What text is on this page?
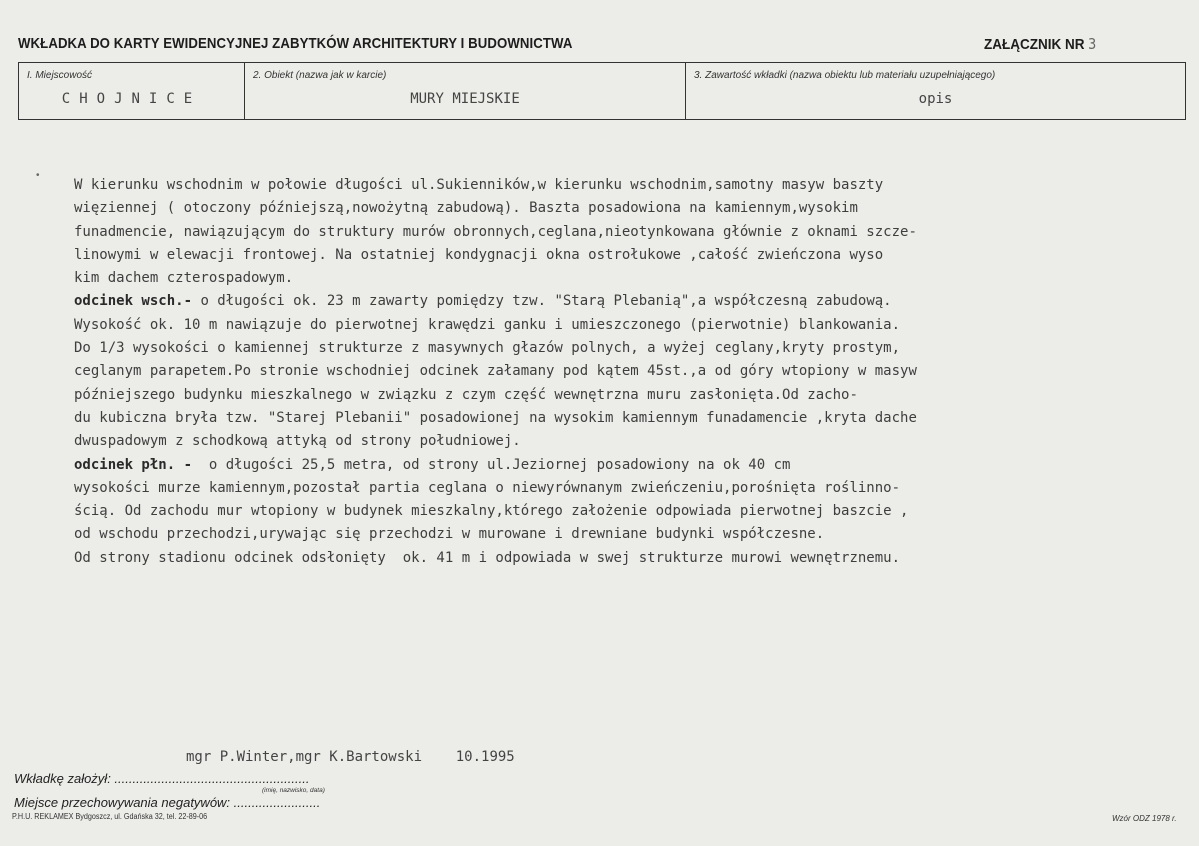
WKŁADKA DO KARTY EWIDENCYJNEJ ZABYTKÓW ARCHITEKTURY I BUDOWNICTWA	ZAŁĄCZNIK NR 3
I. Miejscowość
CHOJNICE
2. Obiekt (nazwa jak w karcie)
MURY MIEJSKIE
3. Zawartość wkładki (nazwa obiektu lub materiału uzupełniającego)
opis
•
W kierunku wschodnim w połowie długości ul.Sukienników,w kierunku wschodnim,samotny masyw baszty
więziennej ( otoczony późniejszą,nowożytną zabudową). Baszta posadowiona na kamiennym,wysokim
funadmencie, nawiązującym do struktury murów obronnych,ceglana,nieotynkowana głównie z oknami szcze-
linowymi w elewacji frontowej. Na ostatniej kondygnacji okna ostrołukowe ,całość zwieńczona wyso
kim dachem czterospadowym.
odcinek wsch.- o długości ok. 23 m zawarty pomiędzy tzw. "Starą Plebanią",a współczesną zabudową.
Wysokość ok. 10 m nawiązuje do pierwotnej krawędzi ganku i umieszczonego (pierwotnie) blankowania.
Do 1/3 wysokości o kamiennej strukturze z masywnych głazów polnych, a wyżej ceglany,kryty prostym,
ceglanym parapetem.Po stronie wschodniej odcinek załamany pod kątem 45st.,a od góry wtopiony w masyw
późniejszego budynku mieszkalnego w związku z czym część wewnętrzna muru zasłonięta.Od zacho-
du kubiczna bryła tzw. "Starej Plebanii" posadowionej na wysokim kamiennym funadamencie ,kryta dache
dwuspadowym z schodkową attyką od strony południowej.
odcinek płn. -  o długości 25,5 metra, od strony ul.Jeziornej posadowiony na ok 40 cm
wysokości murze kamiennym,pozostał partia ceglana o niewyrównanym zwieńczeniu,porośnięta roślinno-
ścią. Od zachodu mur wtopiony w budynek mieszkalny,którego założenie odpowiada pierwotnej baszcie ,
od wschodu przechodzi,urywając się przechodzi w murowane i drewniane budynki współczesne.
Od strony stadionu odcinek odsłonięty  ok. 41 m i odpowiada w swej strukturze murowi wewnętrznemu.
mgr P.Winter,mgr K.Bartowski 10.1995
Wkładkę założył: ......................................................
(imię, nazwisko, data)
Miejsce przechowywania negatywów: ........................
P.H.U. REKLAMEX Bydgoszcz, ul. Gdańska 32, tel. 22-89-06	Wzór ODZ 1978 r.
